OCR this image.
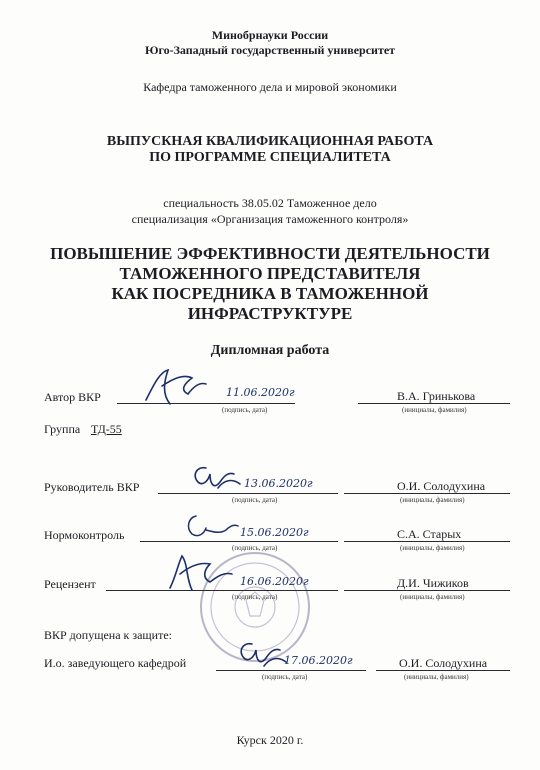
Минобрнауки России
Юго-Западный государственный университет
Кафедра таможенного дела и мировой экономики
ВЫПУСКНАЯ КВАЛИФИКАЦИОННАЯ РАБОТА
ПО ПРОГРАММЕ СПЕЦИАЛИТЕТА
специальность 38.05.02 Таможенное дело
специализация «Организация таможенного контроля»
ПОВЫШЕНИЕ ЭФФЕКТИВНОСТИ ДЕЯТЕЛЬНОСТИ
ТАМОЖЕННОГО ПРЕДСТАВИТЕЛЯ
КАК ПОСРЕДНИКА В ТАМОЖЕННОЙ
ИНФРАСТРУКТУРЕ
Дипломная работа
Автор ВКР	11.06.2020г
(подпись, дата)
В.А. Гринькова
(инициалы, фамилия)
Группа ТД-55
Руководитель ВКР	13.06.2020г
(подпись, дата)
О.И. Солодухина
(инициалы, фамилия)
Нормоконтроль	15.06.2020г
(подпись, дата)
С.А. Старых
(инициалы, фамилия)
Рецензент	16.06.2020г
(подпись, дата)
Д.И. Чижиков
(инициалы, фамилия)
ВКР допущена к защите:
И.о. заведующего кафедрой	17.06.2020г
(подпись, дата)
О.И. Солодухина
(инициалы, фамилия)
Курск 2020 г.
